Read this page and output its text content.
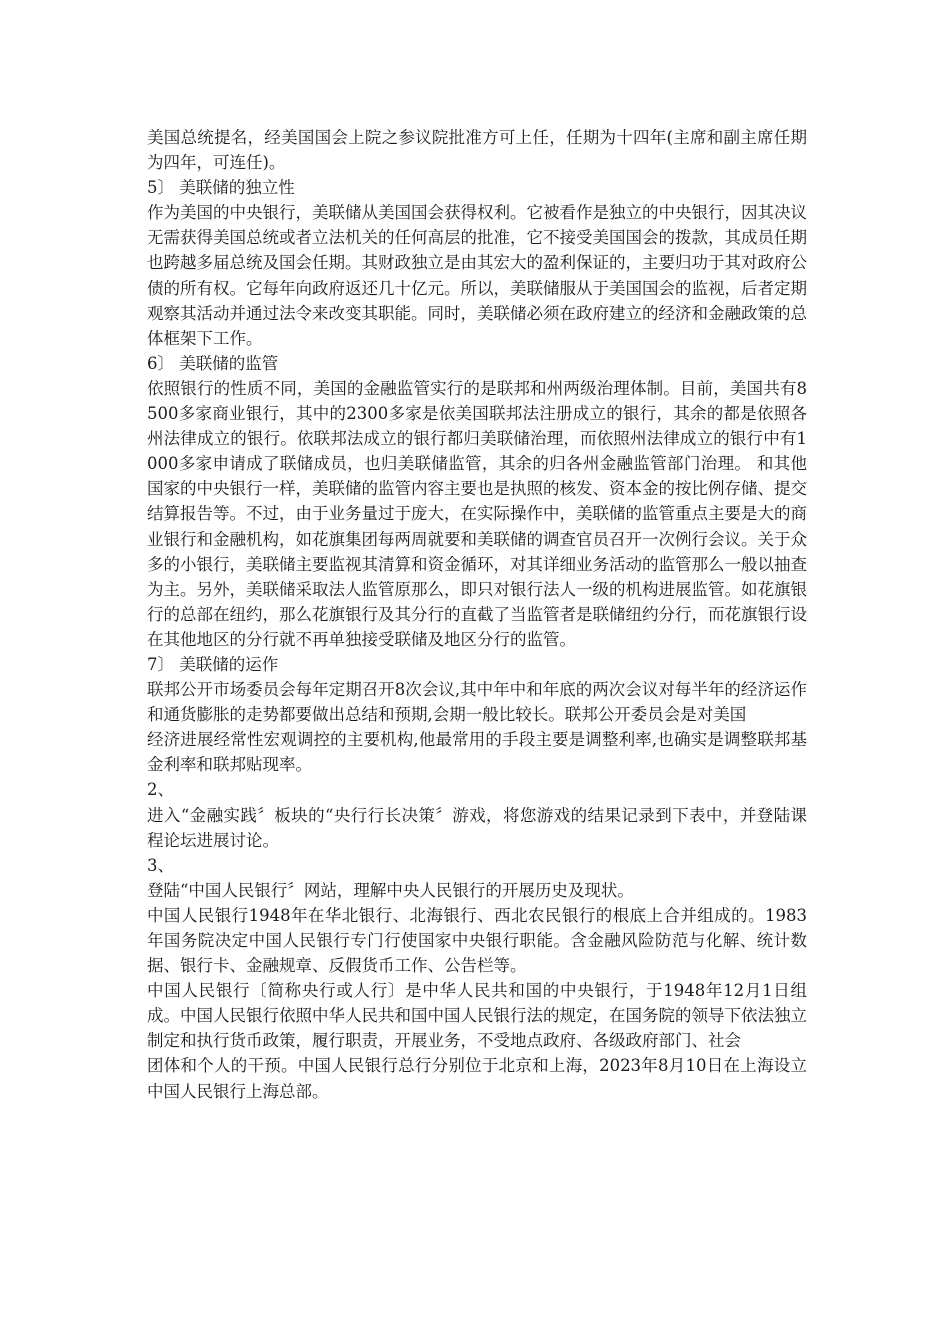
美国总统提名，经美国国会上院之参议院批准方可上任，任期为十四年(主席和副主席任期为四年，可连任)。

5〕 美联储的独立性

作为美国的中央银行，美联储从美国国会获得权利。它被看作是独立的中央银行，因其决议无需获得美国总统或者立法机关的任何高层的批准，它不接受美国国会的拨款，其成员任期也跨越多届总统及国会任期。其财政独立是由其宏大的盈利保证的，主要归功于其对政府公债的所有权。它每年向政府返还几十亿元。所以，美联储服从于美国国会的监视，后者定期观察其活动并通过法令来改变其职能。同时，美联储必须在政府建立的经济和金融政策的总体框架下工作。

6〕 美联储的监管

依照银行的性质不同，美国的金融监管实行的是联邦和州两级治理体制。目前，美国共有8500多家商业银行，其中的2300多家是依美国联邦法注册成立的银行，其余的都是依照各州法律成立的银行。依联邦法成立的银行都归美联储治理，而依照州法律成立的银行中有1000多家申请成了联储成员，也归美联储监管，其余的归各州金融监管部门治理。 和其他国家的中央银行一样，美联储的监管内容主要也是执照的核发、资本金的按比例存储、提交结算报告等。不过，由于业务量过于庞大，在实际操作中，美联储的监管重点主要是大的商业银行和金融机构，如花旗集团每两周就要和美联储的调查官员召开一次例行会议。关于众多的小银行，美联储主要监视其清算和资金循环，对其详细业务活动的监管那么一般以抽查为主。另外，美联储采取法人监管原那么，即只对银行法人一级的机构进展监管。如花旗银行的总部在纽约，那么花旗银行及其分行的直截了当监管者是联储纽约分行，而花旗银行设在其他地区的分行就不再单独接受联储及地区分行的监管。

7〕 美联储的运作

联邦公开市场委员会每年定期召开8次会议,其中年中和年底的两次会议对每半年的经济运作和通货膨胀的走势都要做出总结和预期,会期一般比较长。联邦公开委员会是对美国

经济进展经常性宏观调控的主要机构,他最常用的手段主要是调整利率,也确实是调整联邦基金利率和联邦贴现率。

2、

进入“金融实践〞板块的“央行行长决策〞游戏，将您游戏的结果记录到下表中，并登陆课程论坛进展讨论。

3、

登陆“中国人民银行〞网站，理解中央人民银行的开展历史及现状。

中国人民银行1948年在华北银行、北海银行、西北农民银行的根底上合并组成的。1983年国务院决定中国人民银行专门行使国家中央银行职能。含金融风险防范与化解、统计数据、银行卡、金融规章、反假货币工作、公告栏等。

中国人民银行〔简称央行或人行〕是中华人民共和国的中央银行，于1948年12月1日组成。中国人民银行依照中华人民共和国中国人民银行法的规定，在国务院的领导下依法独立制定和执行货币政策，履行职责，开展业务，不受地点政府、各级政府部门、社会

团体和个人的干预。中国人民银行总行分别位于北京和上海，2023年8月10日在上海设立中国人民银行上海总部。
